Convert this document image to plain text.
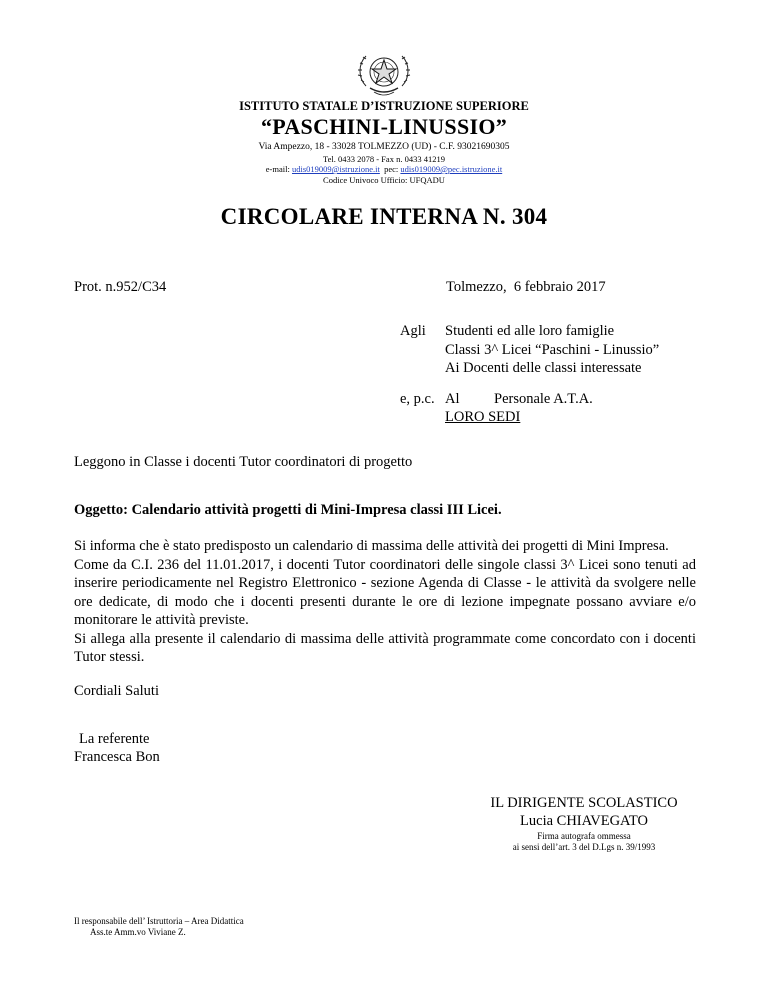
ISTITUTO STATALE D’ISTRUZIONE SUPERIORE
“PASCHINI-LINUSSIO”
Via Ampezzo, 18 - 33028 TOLMEZZO (UD) - C.F. 93021690305
Tel. 0433 2078 - Fax n. 0433 41219
e-mail: udis019009@istruzione.it  pec: udis019009@pec.istruzione.it
Codice Univoco Ufficio: UFQADU
CIRCOLARE INTERNA N. 304
Prot. n.952/C34	Tolmezzo,  6 febbraio 2017
Agli Studenti ed alle loro famiglie
Classi 3^ Licei “Paschini - Linussio”
Ai Docenti delle classi interessate
e, p.c. Al Personale A.T.A.
LORO SEDI
Leggono in Classe i docenti Tutor coordinatori di progetto
Oggetto: Calendario attività progetti di Mini-Impresa classi III Licei.

Si informa che è stato predisposto un calendario di massima delle attività dei progetti di Mini Impresa.

Come da C.I. 236 del 11.01.2017, i docenti Tutor coordinatori delle singole classi 3^ Licei sono tenuti ad inserire periodicamente nel Registro Elettronico - sezione Agenda di Classe - le attività da svolgere nelle ore dedicate, di modo che i docenti presenti durante le ore di lezione impegnate possano avviare e/o monitorare le attività previste.

Si allega alla presente il calendario di massima delle attività programmate come concordato con i docenti Tutor stessi.

Cordiali Saluti
La referente
Francesca Bon
IL DIRIGENTE SCOLASTICO
Lucia CHIAVEGATO
Firma autografa ommessa
ai sensi dell’art. 3 del D.Lgs n. 39/1993
Il responsabile dell’ Istruttoria – Area Didattica
Ass.te Amm.vo Viviane Z.
